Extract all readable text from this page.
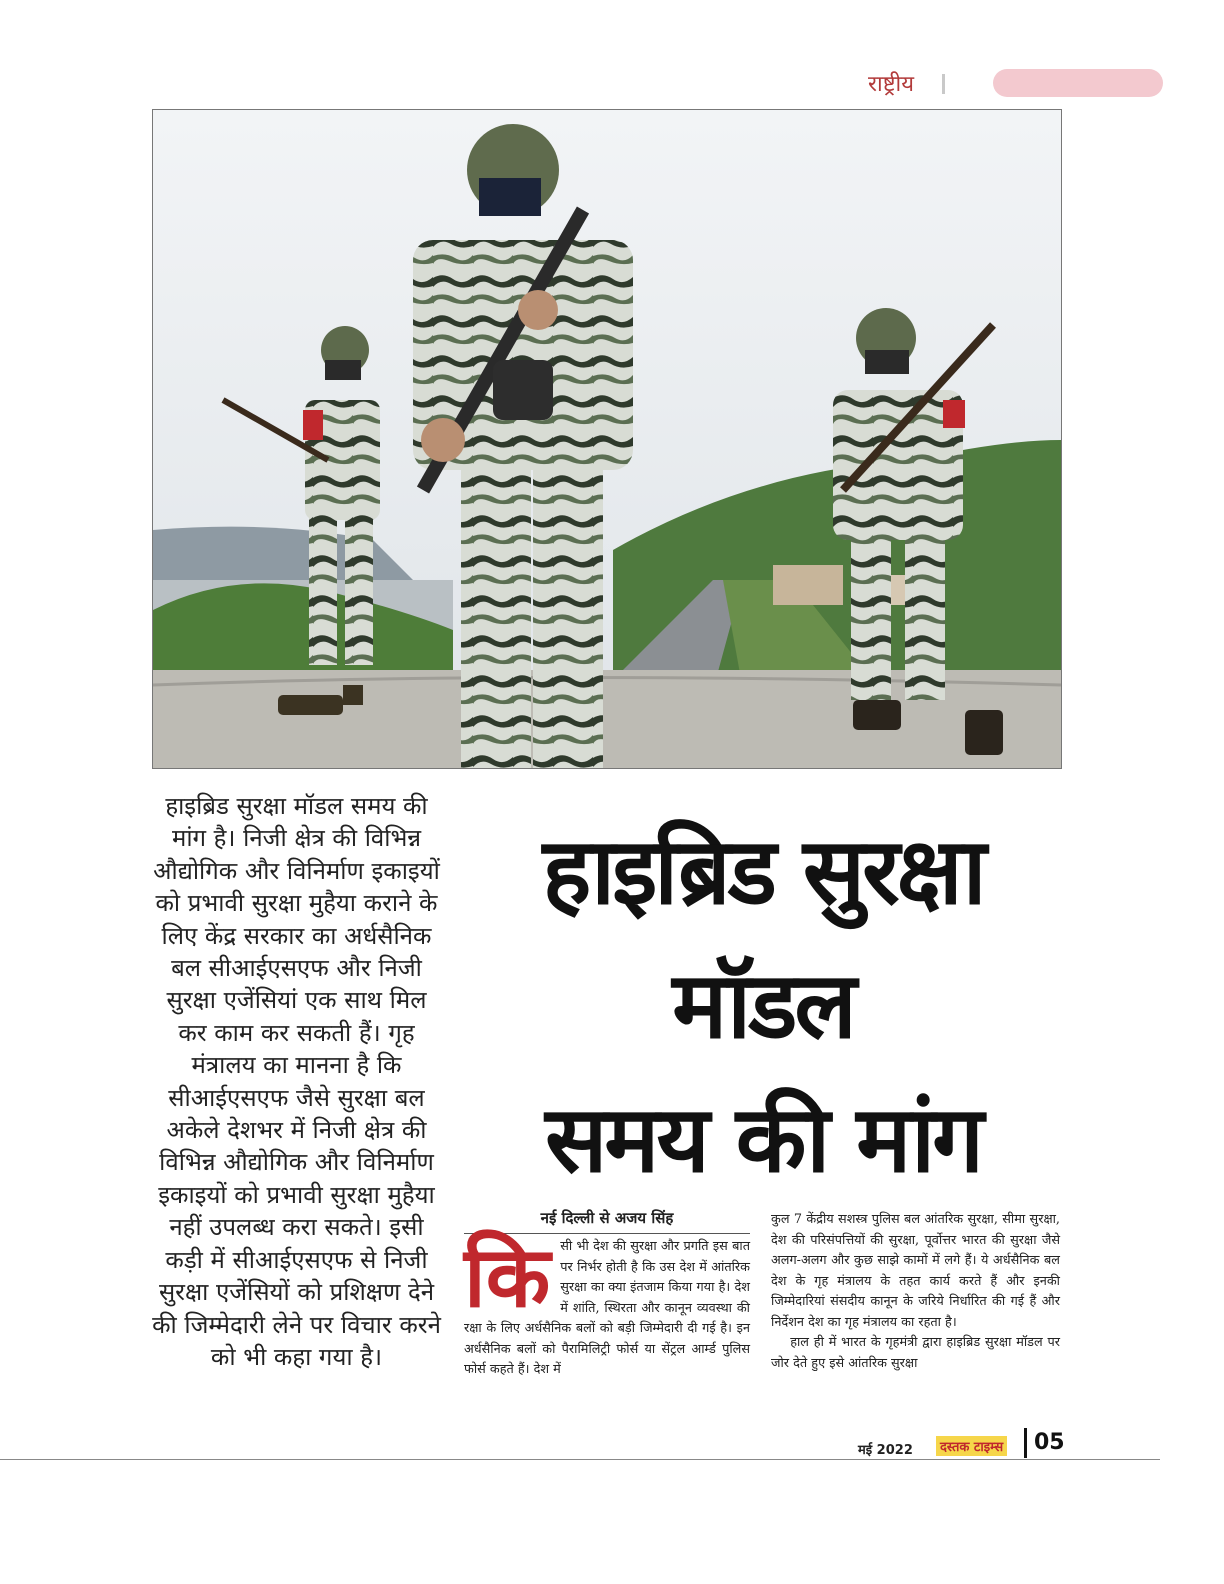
राष्ट्रीय
हाइब्रिड सुरक्षा मॉडल समय की मांग है। निजी क्षेत्र की विभिन्न औद्योगिक और विनिर्माण इकाइयों को प्रभावी सुरक्षा मुहैया कराने के लिए केंद्र सरकार का अर्धसैनिक बल सीआईएसएफ और निजी सुरक्षा एजेंसियां एक साथ मिल कर काम कर सकती हैं। गृह मंत्रालय का मानना है कि सीआईएसएफ जैसे सुरक्षा बल अकेले देशभर में निजी क्षेत्र की विभिन्न औद्योगिक और विनिर्माण इकाइयों को प्रभावी सुरक्षा मुहैया नहीं उपलब्ध करा सकते। इसी कड़ी में सीआईएसएफ से निजी सुरक्षा एजेंसियों को प्रशिक्षण देने की जिम्मेदारी लेने पर विचार करने को भी कहा गया है।
हाइब्रिड सुरक्षा
मॉडल
समय की मांग
नई दिल्ली से अजय सिंह
कि सी भी देश की सुरक्षा और प्रगति इस बात पर निर्भर होती है कि उस देश में आंतरिक सुरक्षा का क्या इंतजाम किया गया है। देश में शांति, स्थिरता और कानून व्यवस्था की रक्षा के लिए अर्धसैनिक बलों को बड़ी जिम्मेदारी दी गई है। इन अर्धसैनिक बलों को पैरामिलिट्री फोर्स या सेंट्रल आर्म्ड पुलिस फोर्स कहते हैं। देश में

कुल 7 केंद्रीय सशस्त्र पुलिस बल आंतरिक सुरक्षा, सीमा सुरक्षा, देश की परिसंपत्तियों की सुरक्षा, पूर्वोत्तर भारत की सुरक्षा जैसे अलग-अलग और कुछ साझे कामों में लगे हैं। ये अर्धसैनिक बल देश के गृह मंत्रालय के तहत कार्य करते हैं और इनकी जिम्मेदारियां संसदीय कानून के जरिये निर्धारित की गई हैं और निर्देशन देश का गृह मंत्रालय का रहता है।

हाल ही में भारत के गृहमंत्री द्वारा हाइब्रिड सुरक्षा मॉडल पर जोर देते हुए इसे आंतरिक सुरक्षा

मई 2022	दस्तक टाइम्स 05
